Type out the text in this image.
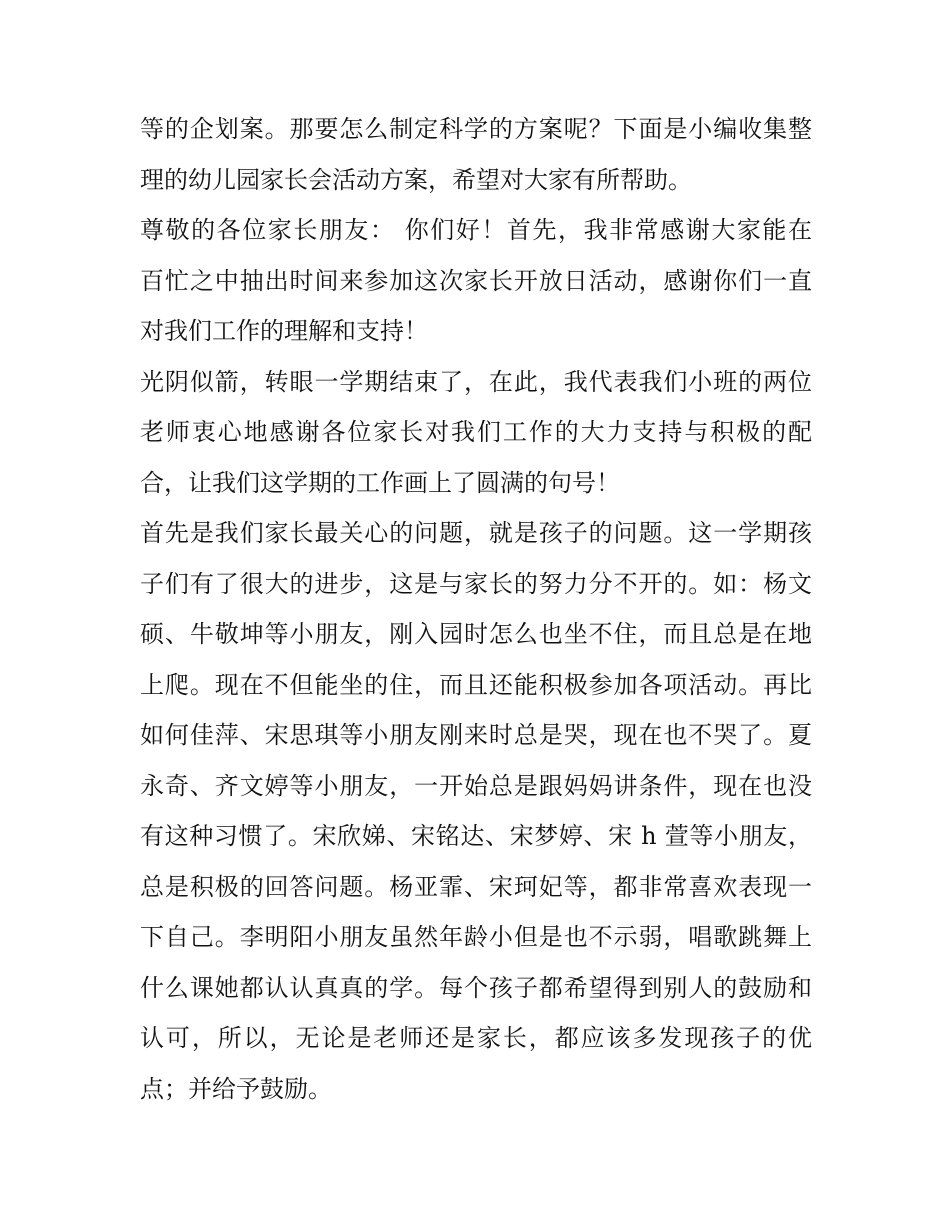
等的企划案。那要怎么制定科学的方案呢？下面是小编收集整
理的幼儿园家长会活动方案，希望对大家有所帮助。
尊敬的各位家长朋友： 你们好！首先，我非常感谢大家能在
百忙之中抽出时间来参加这次家长开放日活动，感谢你们一直
对我们工作的理解和支持！
光阴似箭，转眼一学期结束了，在此，我代表我们小班的两位
老师衷心地感谢各位家长对我们工作的大力支持与积极的配
合，让我们这学期的工作画上了圆满的句号！
首先是我们家长最关心的问题，就是孩子的问题。这一学期孩
子们有了很大的进步，这是与家长的努力分不开的。如：杨文
硕、牛敬坤等小朋友，刚入园时怎么也坐不住，而且总是在地
上爬。现在不但能坐的住，而且还能积极参加各项活动。再比
如何佳萍、宋思琪等小朋友刚来时总是哭，现在也不哭了。夏
永奇、齐文婷等小朋友，一开始总是跟妈妈讲条件，现在也没
有这种习惯了。宋欣娣、宋铭达、宋梦婷、宋 h 萱等小朋友，
总是积极的回答问题。杨亚霏、宋珂妃等，都非常喜欢表现一
下自己。李明阳小朋友虽然年龄小但是也不示弱，唱歌跳舞上
什么课她都认认真真的学。每个孩子都希望得到别人的鼓励和
认可，所以，无论是老师还是家长，都应该多发现孩子的优
点；并给予鼓励。
